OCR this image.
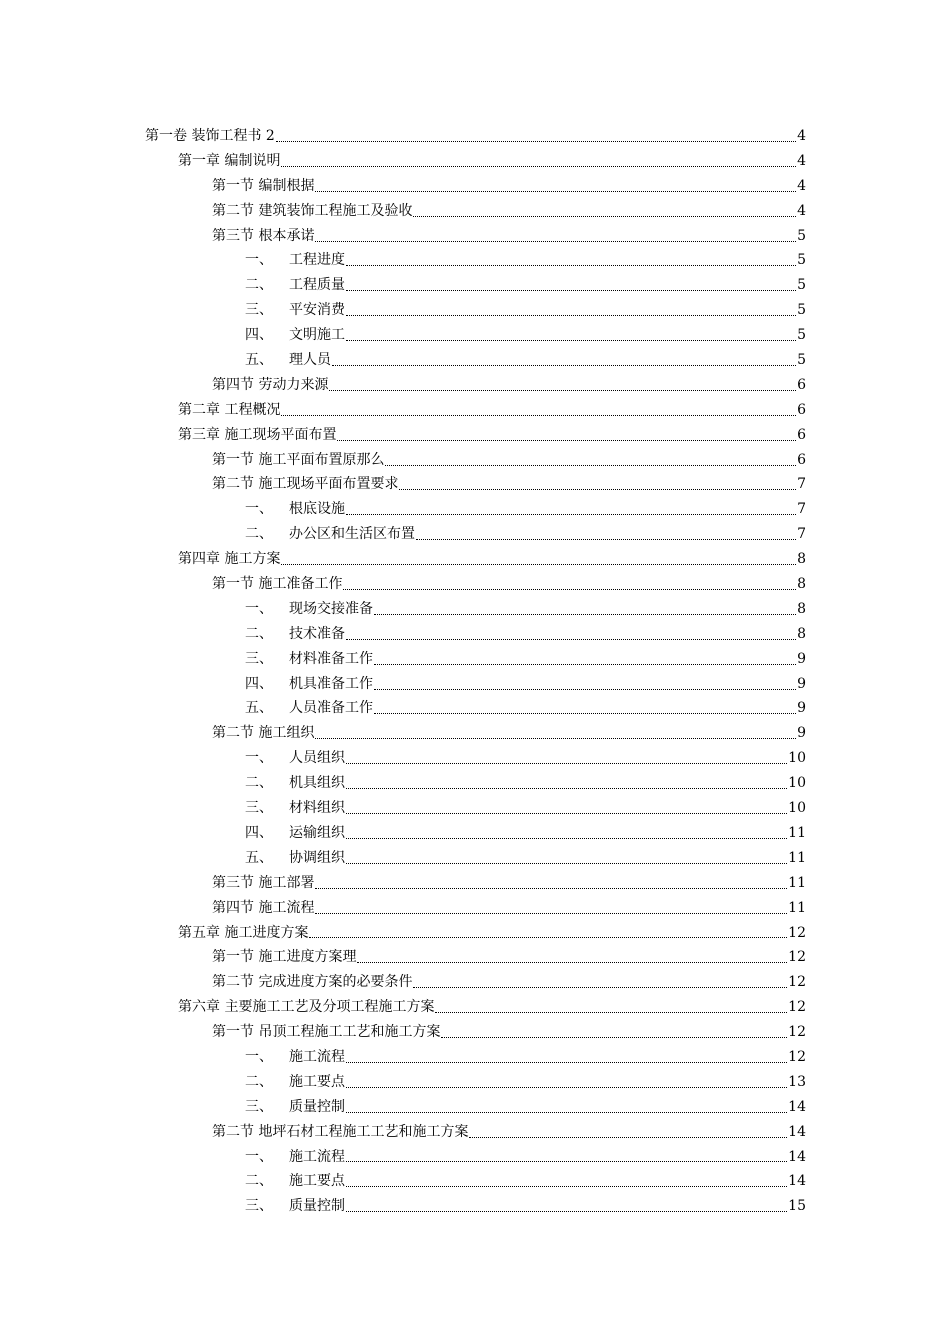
第一卷 装饰工程书 2	4
第一章 编制说明	4
第一节 编制根据	4
第二节 建筑装饰工程施工及验收	4
第三节 根本承诺	5
一、 工程进度	5
二、 工程质量	5
三、 平安消费	5
四、 文明施工	5
五、 理人员	5
第四节 劳动力来源	6
第二章 工程概况	6
第三章 施工现场平面布置	6
第一节 施工平面布置原那么	6
第二节 施工现场平面布置要求	7
一、 根底设施	7
二、 办公区和生活区布置	7
第四章 施工方案	8
第一节 施工准备工作	8
一、 现场交接准备	8
二、 技术准备	8
三、 材料准备工作	9
四、 机具准备工作	9
五、 人员准备工作	9
第二节 施工组织	9
一、 人员组织	10
二、 机具组织	10
三、 材料组织	10
四、 运输组织	11
五、 协调组织	11
第三节 施工部署	11
第四节 施工流程	11
第五章 施工进度方案	12
第一节 施工进度方案理	12
第二节 完成进度方案的必要条件	12
第六章 主要施工工艺及分项工程施工方案	12
第一节 吊顶工程施工工艺和施工方案	12
一、 施工流程	12
二、 施工要点	13
三、 质量控制	14
第二节 地坪石材工程施工工艺和施工方案	14
一、 施工流程	14
二、 施工要点	14
三、 质量控制	15
